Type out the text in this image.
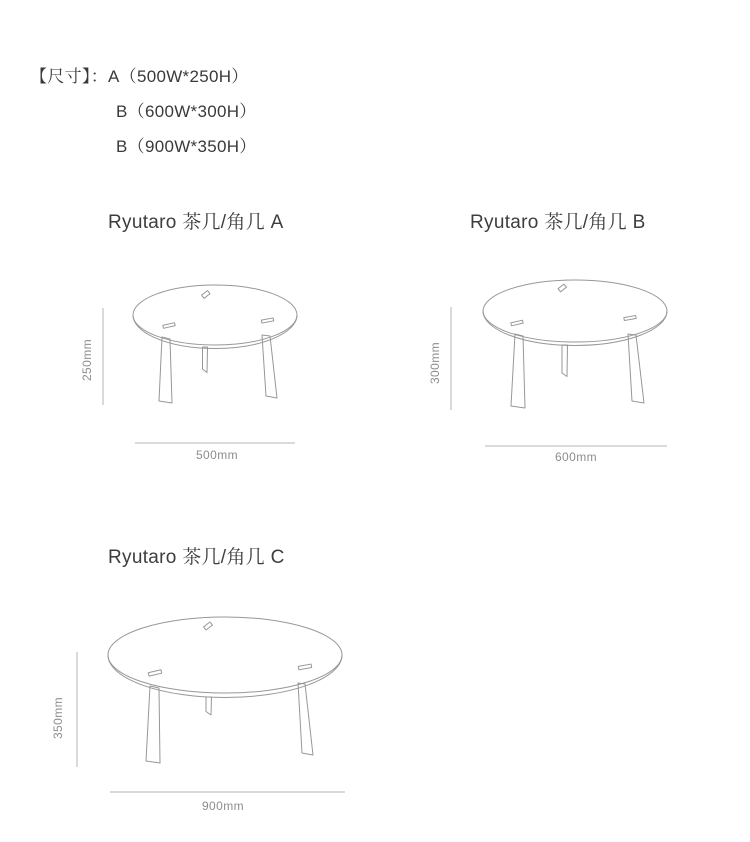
【尺寸】：A（500W*250H）
B（600W*300H）
B（900W*350H）
Ryutaro 茶几/角几 A	Ryutaro 茶几/角几 B
Ryutaro 茶几/角几 C
250mm
500mm
300mm
600mm
350mm
900mm
